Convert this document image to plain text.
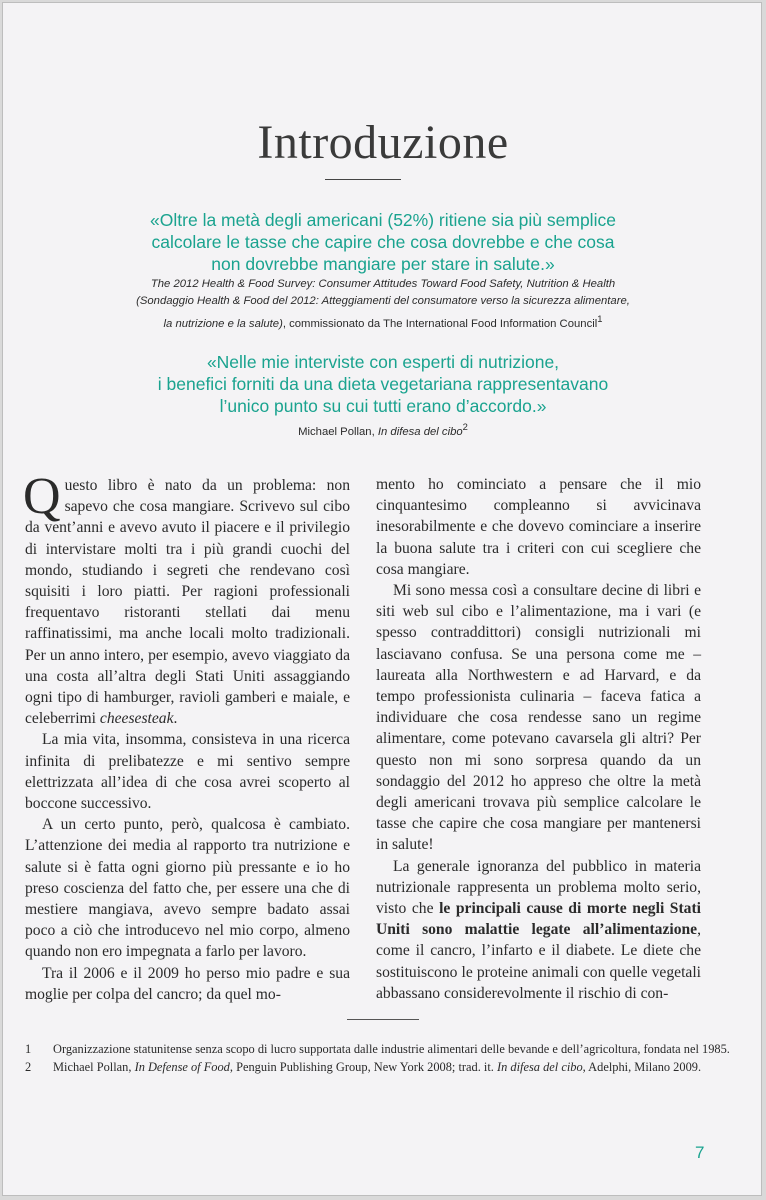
Introduzione

«Oltre la metà degli americani (52%) ritiene sia più semplice

calcolare le tasse che capire che cosa dovrebbe e che cosa

non dovrebbe mangiare per stare in salute.»

The 2012 Health & Food Survey: Consumer Attitudes Toward Food Safety, Nutrition & Health

(Sondaggio Health & Food del 2012: Atteggiamenti del consumatore verso la sicurezza alimentare,

la nutrizione e la salute), commissionato da The International Food Information Council$^1$

«Nelle mie interviste con esperti di nutrizione,

i benefici forniti da una dieta vegetariana rappresentavano

l’unico punto su cui tutti erano d’accordo.»

Michael Pollan, In difesa del cibo$^2$

Questo libro è nato da un problema: non sapevo che cosa mangiare. Scrivevo sul cibo da vent’anni e avevo avuto il piacere e il privilegio di intervistare molti tra i più grandi cuochi del mondo, studiando i segreti che rendevano così squisiti i loro piatti. Per ragioni professionali frequentavo ristoranti stellati dai menu raffinatissimi, ma anche locali molto tradizionali. Per un anno intero, per esempio, avevo viaggiato da una costa all’altra degli Stati Uniti assaggiando ogni tipo di hamburger, ravioli gamberi e maiale, e celeberrimi cheesesteak.

La mia vita, insomma, consisteva in una ricerca infinita di prelibatezze e mi sentivo sempre elettrizzata all’idea di che cosa avrei scoperto al boccone successivo.

A un certo punto, però, qualcosa è cambiato. L’attenzione dei media al rapporto tra nutrizione e salute si è fatta ogni giorno più pressante e io ho preso coscienza del fatto che, per essere una che di mestiere mangiava, avevo sempre badato assai poco a ciò che introducevo nel mio corpo, almeno quando non ero impegnata a farlo per lavoro.

Tra il 2006 e il 2009 ho perso mio padre e sua moglie per colpa del cancro; da quel mo-

mento ho cominciato a pensare che il mio cinquantesimo compleanno si avvicinava inesorabilmente e che dovevo cominciare a inserire la buona salute tra i criteri con cui scegliere che cosa mangiare.

Mi sono messa così a consultare decine di libri e siti web sul cibo e l’alimentazione, ma i vari (e spesso contraddittori) consigli nutrizionali mi lasciavano confusa. Se una persona come me – laureata alla Northwestern e ad Harvard, e da tempo professionista culinaria – faceva fatica a individuare che cosa rendesse sano un regime alimentare, come potevano cavarsela gli altri? Per questo non mi sono sorpresa quando da un sondaggio del 2012 ho appreso che oltre la metà degli americani trovava più semplice calcolare le tasse che capire che cosa mangiare per mantenersi in salute!

La generale ignoranza del pubblico in materia nutrizionale rappresenta un problema molto serio, visto che le principali cause di morte negli Stati Uniti sono malattie legate all’alimentazione, come il cancro, l’infarto e il diabete. Le diete che sostituiscono le proteine animali con quelle vegetali abbassano considerevolmente il rischio di con-

1 Organizzazione statunitense senza scopo di lucro supportata dalle industrie alimentari delle bevande e dell’agricoltura, fondata nel 1985.
2 Michael Pollan, In Defense of Food, Penguin Publishing Group, New York 2008; trad. it. In difesa del cibo, Adelphi, Milano 2009.
7
